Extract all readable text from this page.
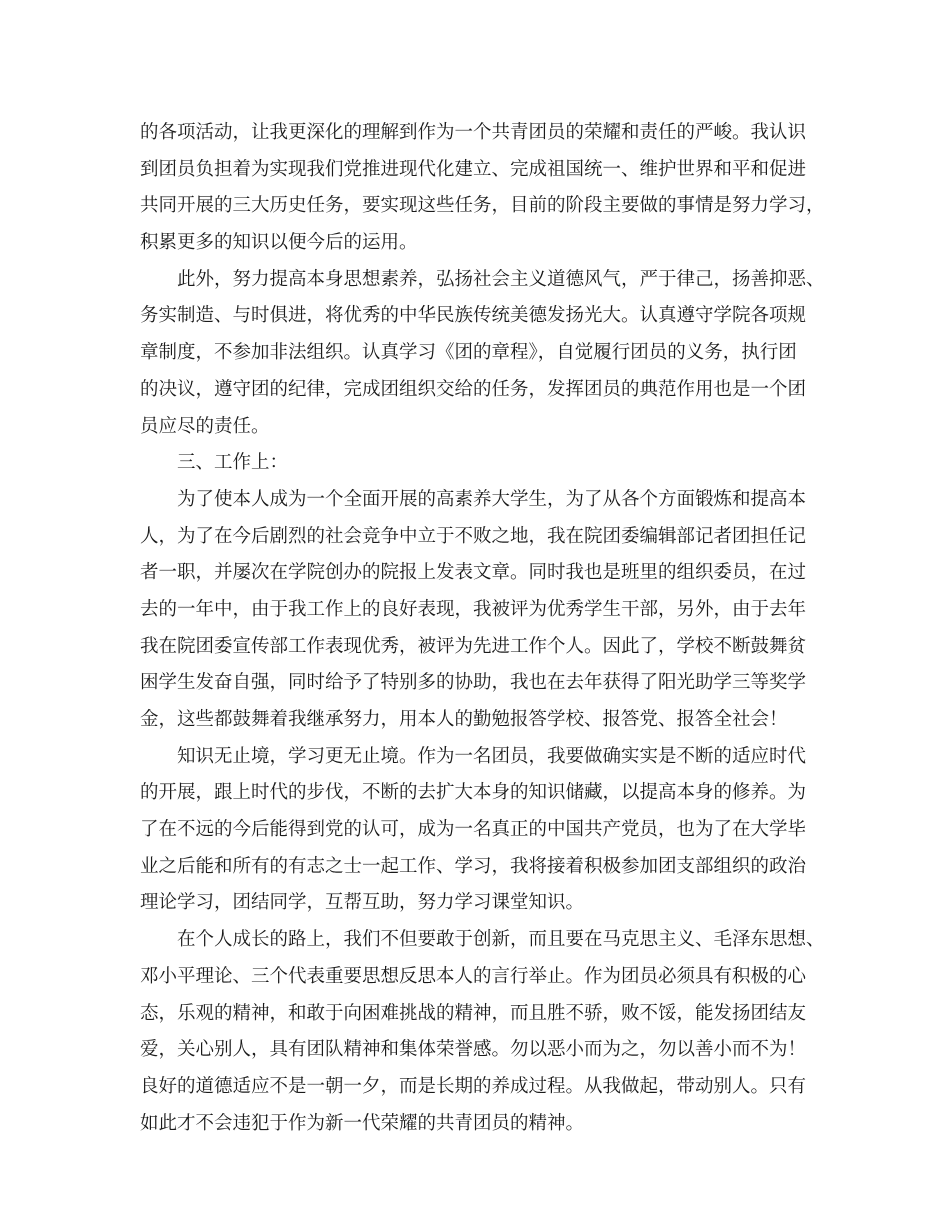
的各项活动，让我更深化的理解到作为一个共青团员的荣耀和责任的严峻。我认识
到团员负担着为实现我们党推进现代化建立、完成祖国统一、维护世界和平和促进
共同开展的三大历史任务，要实现这些任务，目前的阶段主要做的事情是努力学习，
积累更多的知识以便今后的运用。
此外，努力提高本身思想素养，弘扬社会主义道德风气，严于律己，扬善抑恶、
务实制造、与时俱进，将优秀的中华民族传统美德发扬光大。认真遵守学院各项规
章制度，不参加非法组织。认真学习《团的章程》，自觉履行团员的义务，执行团
的决议，遵守团的纪律，完成团组织交给的任务，发挥团员的典范作用也是一个团
员应尽的责任。
三、工作上：
为了使本人成为一个全面开展的高素养大学生，为了从各个方面锻炼和提高本
人，为了在今后剧烈的社会竞争中立于不败之地，我在院团委编辑部记者团担任记
者一职，并屡次在学院创办的院报上发表文章。同时我也是班里的组织委员，在过
去的一年中，由于我工作上的良好表现，我被评为优秀学生干部，另外，由于去年
我在院团委宣传部工作表现优秀，被评为先进工作个人。因此了，学校不断鼓舞贫
困学生发奋自强，同时给予了特别多的协助，我也在去年获得了阳光助学三等奖学
金，这些都鼓舞着我继承努力，用本人的勤勉报答学校、报答党、报答全社会！
知识无止境，学习更无止境。作为一名团员，我要做确实实是不断的适应时代
的开展，跟上时代的步伐，不断的去扩大本身的知识储藏，以提高本身的修养。为
了在不远的今后能得到党的认可，成为一名真正的中国共产党员，也为了在大学毕
业之后能和所有的有志之士一起工作、学习，我将接着积极参加团支部组织的政治
理论学习，团结同学，互帮互助，努力学习课堂知识。
在个人成长的路上，我们不但要敢于创新，而且要在马克思主义、毛泽东思想、
邓小平理论、三个代表重要思想反思本人的言行举止。作为团员必须具有积极的心
态，乐观的精神，和敢于向困难挑战的精神，而且胜不骄，败不馁，能发扬团结友
爱，关心别人，具有团队精神和集体荣誉感。勿以恶小而为之，勿以善小而不为！
良好的道德适应不是一朝一夕，而是长期的养成过程。从我做起，带动别人。只有
如此才不会违犯于作为新一代荣耀的共青团员的精神。
